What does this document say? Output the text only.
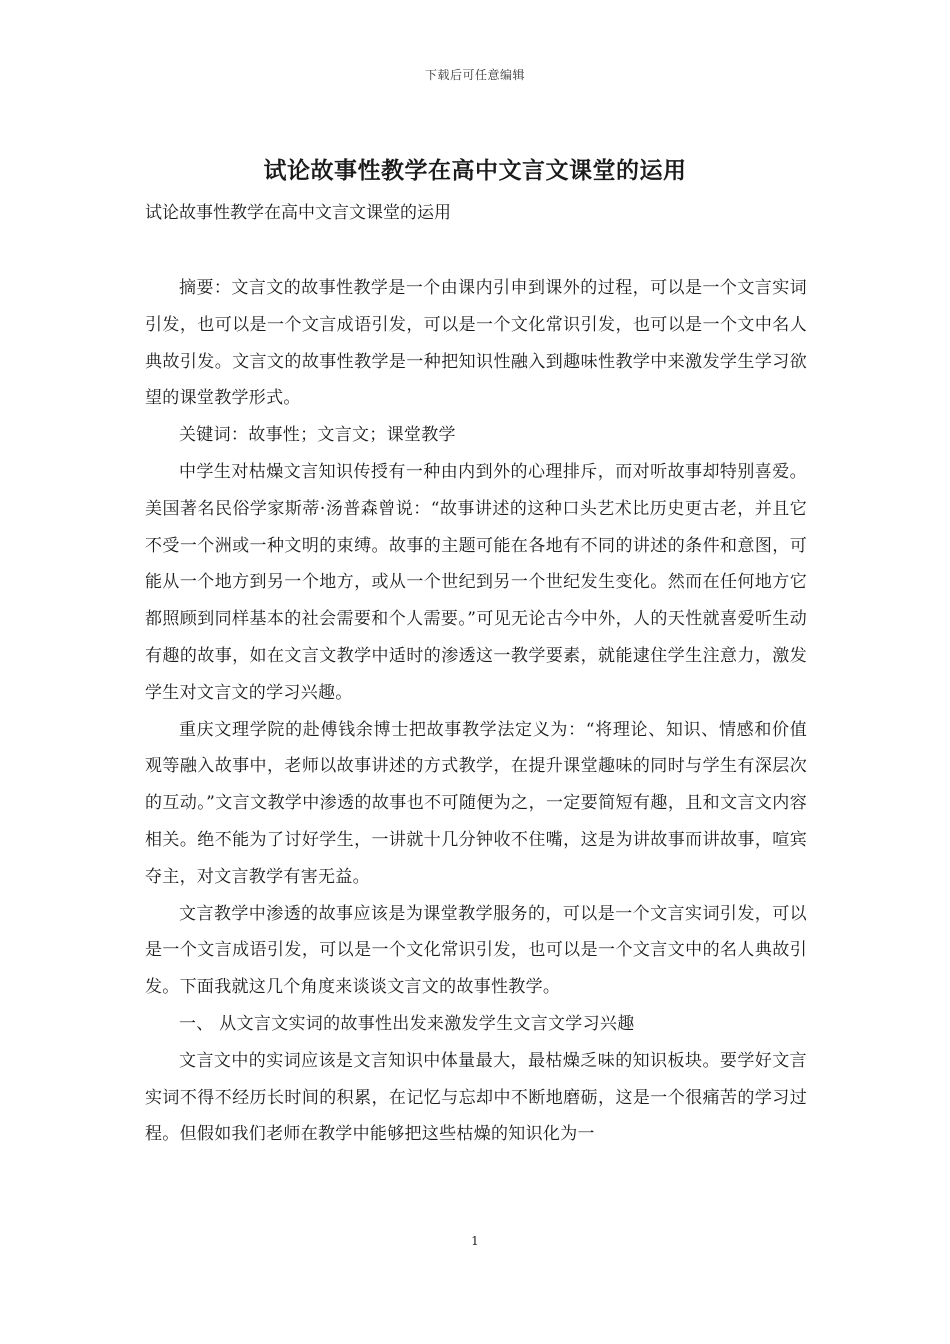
下载后可任意编辑
试论故事性教学在高中文言文课堂的运用
试论故事性教学在高中文言文课堂的运用

摘要：文言文的故事性教学是一个由课内引申到课外的过程，可以是一个文言实词引发，也可以是一个文言成语引发，可以是一个文化常识引发，也可以是一个文中名人典故引发。文言文的故事性教学是一种把知识性融入到趣味性教学中来激发学生学习欲望的课堂教学形式。

关键词：故事性；文言文；课堂教学

中学生对枯燥文言知识传授有一种由内到外的心理排斥，而对听故事却特别喜爱。美国著名民俗学家斯蒂·汤普森曾说：“故事讲述的这种口头艺术比历史更古老，并且它不受一个洲或一种文明的束缚。故事的主题可能在各地有不同的讲述的条件和意图，可能从一个地方到另一个地方，或从一个世纪到另一个世纪发生变化。然而在任何地方它都照顾到同样基本的社会需要和个人需要。”可见无论古今中外，人的天性就喜爱听生动有趣的故事，如在文言文教学中适时的渗透这一教学要素，就能逮住学生注意力，激发学生对文言文的学习兴趣。

重庆文理学院的赴傅钱余博士把故事教学法定义为：“将理论、知识、情感和价值观等融入故事中，老师以故事讲述的方式教学，在提升课堂趣味的同时与学生有深层次的互动。”文言文教学中渗透的故事也不可随便为之，一定要简短有趣，且和文言文内容相关。绝不能为了讨好学生，一讲就十几分钟收不住嘴，这是为讲故事而讲故事，喧宾夺主，对文言教学有害无益。

文言教学中渗透的故事应该是为课堂教学服务的，可以是一个文言实词引发，可以是一个文言成语引发，可以是一个文化常识引发，也可以是一个文言文中的名人典故引发。下面我就这几个角度来谈谈文言文的故事性教学。

一、 从文言文实词的故事性出发来激发学生文言文学习兴趣

文言文中的实词应该是文言知识中体量最大，最枯燥乏味的知识板块。要学好文言实词不得不经历长时间的积累，在记忆与忘却中不断地磨砺，这是一个很痛苦的学习过程。但假如我们老师在教学中能够把这些枯燥的知识化为一

1
